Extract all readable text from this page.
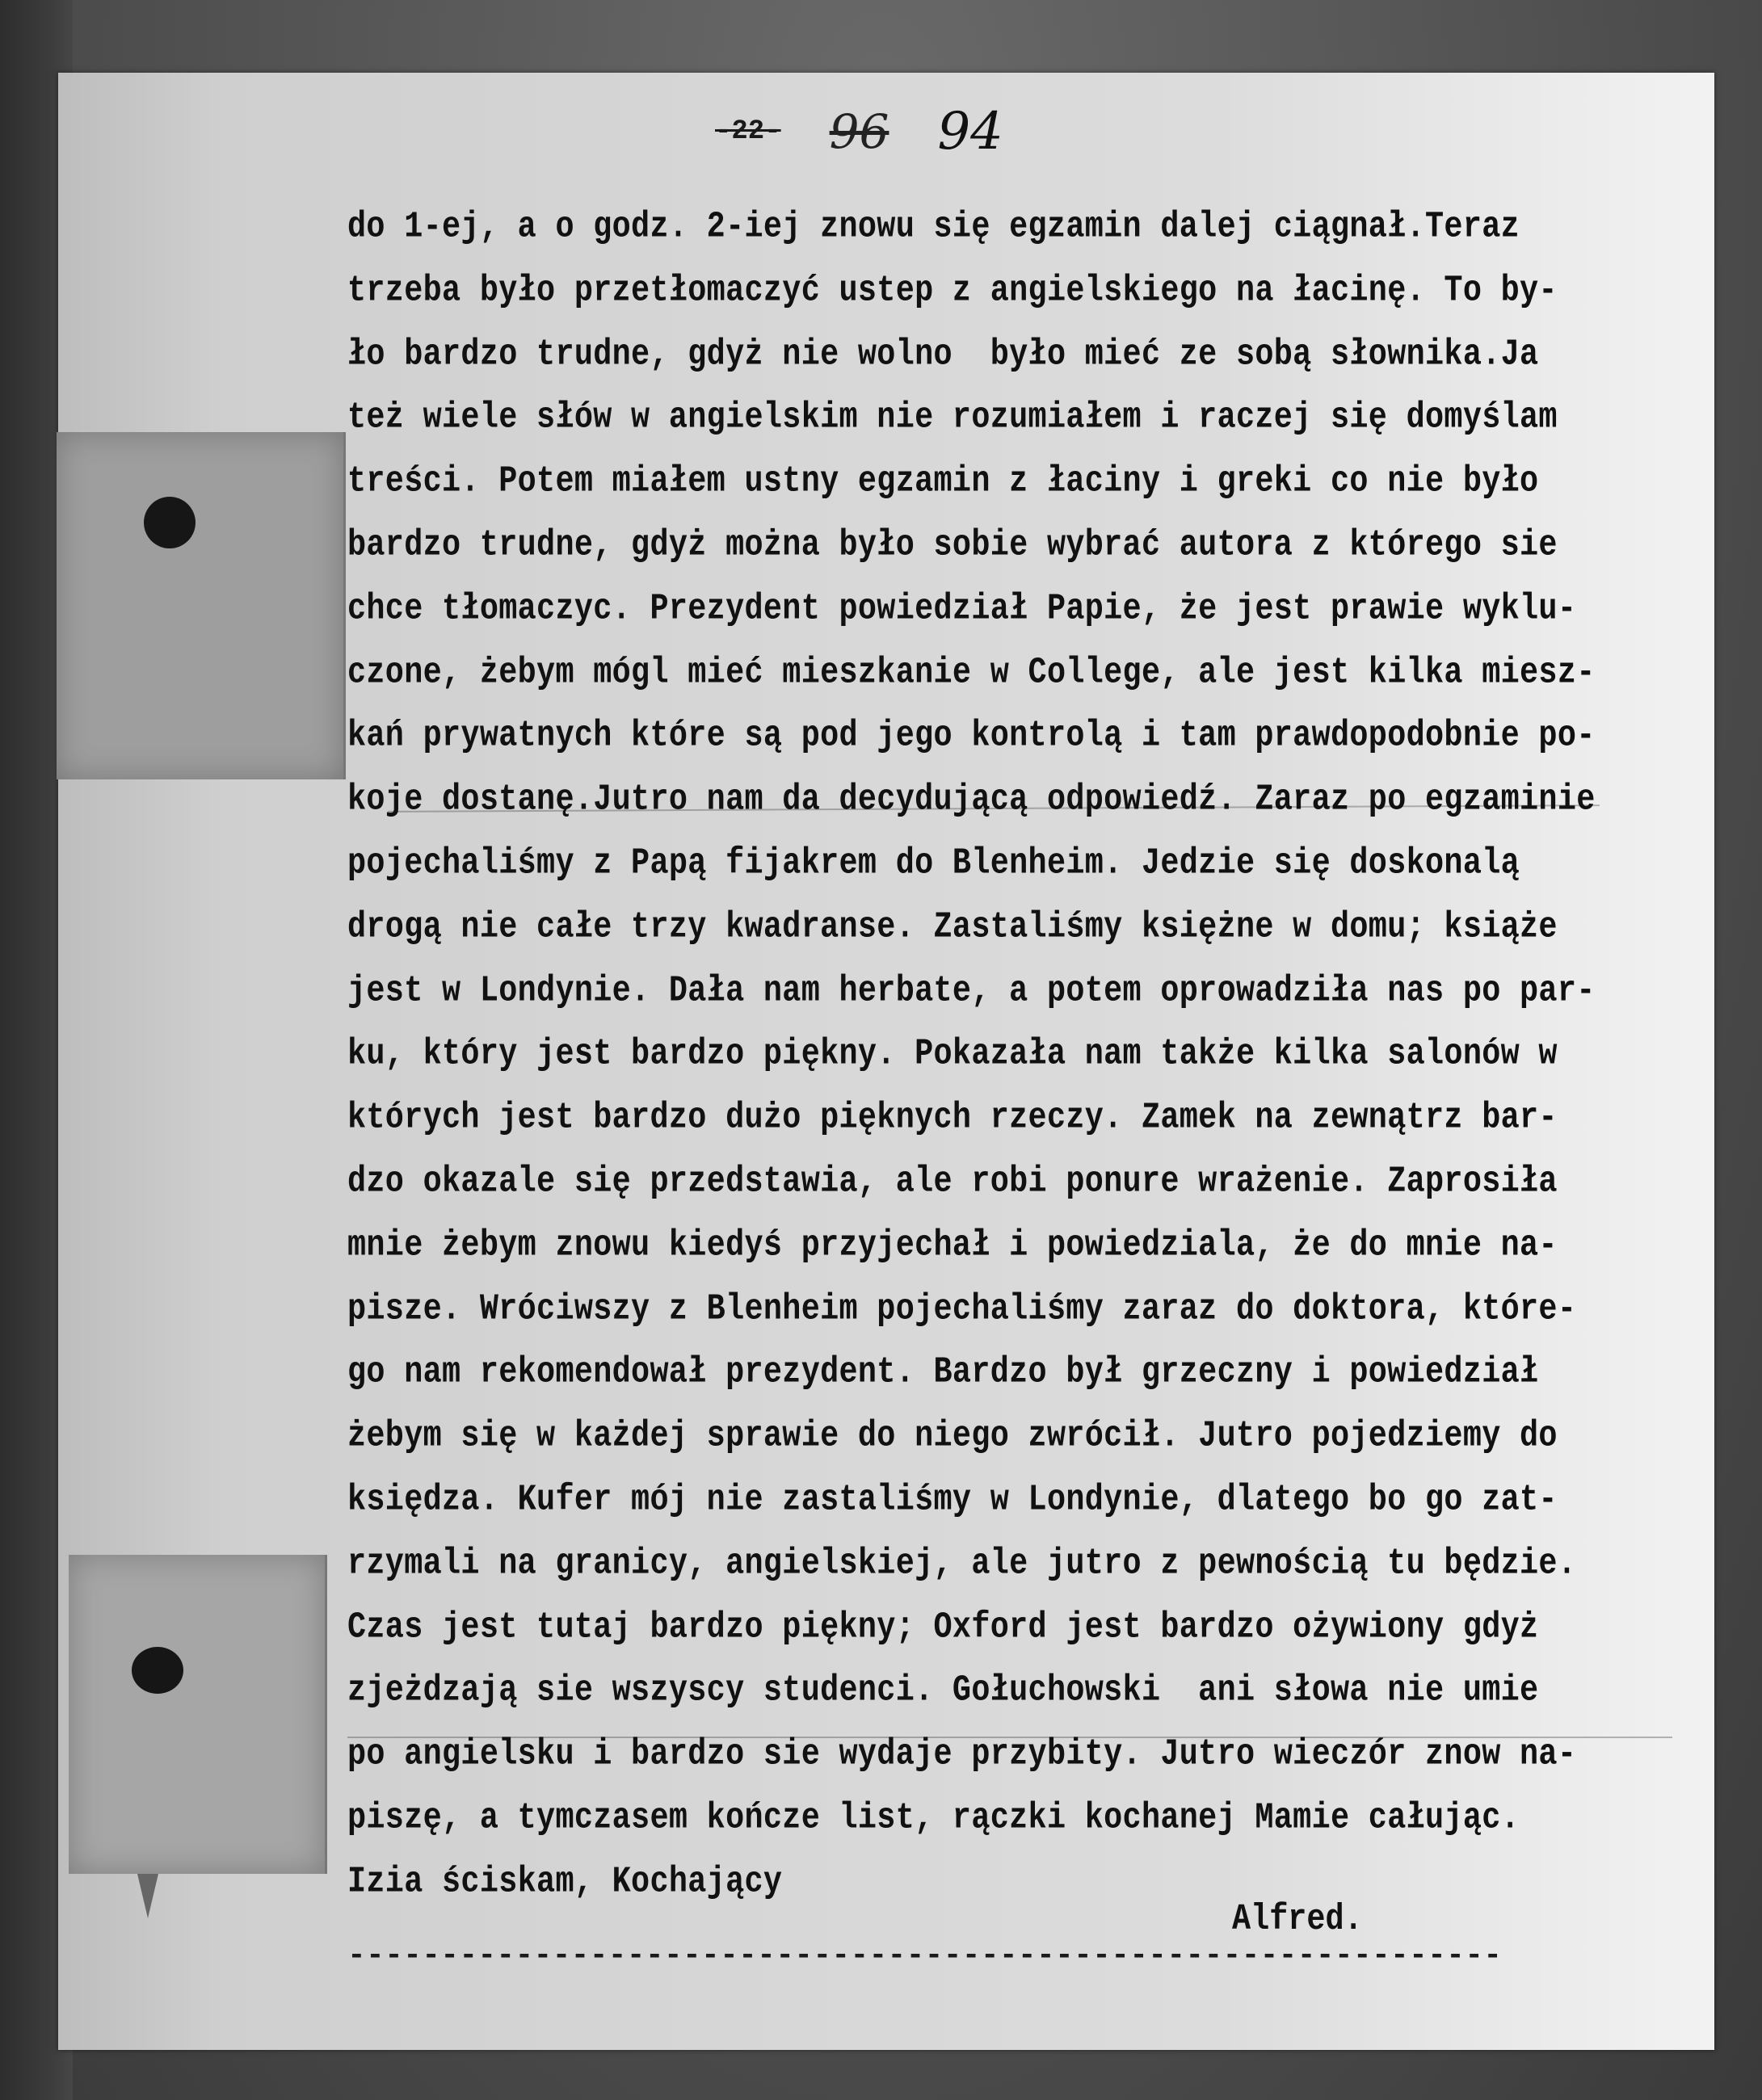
-22- 96 94
do 1-ej, a o godz. 2-iej znowu się egzamin dalej ciągnał.Teraz
trzeba było przetłomaczyć ustep z angielskiego na łacinę. To by-
ło bardzo trudne, gdyż nie wolno  było mieć ze sobą słownika.Ja
też wiele słów w angielskim nie rozumiałem i raczej się domyślam
treści. Potem miałem ustny egzamin z łaciny i greki co nie było
bardzo trudne, gdyż można było sobie wybrać autora z którego sie
chce tłomaczyc. Prezydent powiedział Papie, że jest prawie wyklu-
czone, żebym mógl mieć mieszkanie w College, ale jest kilka miesz-
kań prywatnych które są pod jego kontrolą i tam prawdopodobnie po-
koje dostanę.Jutro nam da decydującą odpowiedź. Zaraz po egzaminie
pojechaliśmy z Papą fijakrem do Blenheim. Jedzie się doskonalą
drogą nie całe trzy kwadranse. Zastaliśmy księżne w domu; książe
jest w Londynie. Dała nam herbate, a potem oprowadziła nas po par-
ku, który jest bardzo piękny. Pokazała nam także kilka salonów w
których jest bardzo dużo pięknych rzeczy. Zamek na zewnątrz bar-
dzo okazale się przedstawia, ale robi ponure wrażenie. Zaprosiła
mnie żebym znowu kiedyś przyjechał i powiedziala, że do mnie na-
pisze. Wróciwszy z Blenheim pojechaliśmy zaraz do doktora, które-
go nam rekomendował prezydent. Bardzo był grzeczny i powiedział
żebym się w każdej sprawie do niego zwrócił. Jutro pojedziemy do
księdza. Kufer mój nie zastaliśmy w Londynie, dlatego bo go zat-
rzymali na granicy, angielskiej, ale jutro z pewnością tu będzie.
Czas jest tutaj bardzo piękny; Oxford jest bardzo ożywiony gdyż
zjeżdzają sie wszyscy studenci. Gołuchowski  ani słowa nie umie
po angielsku i bardzo sie wydaje przybity. Jutro wieczór znow na-
piszę, a tymczasem kończe list, rączki kochanej Mamie całując.
Izia ściskam, Kochający
Alfred.
--------------------------------------------------------------
